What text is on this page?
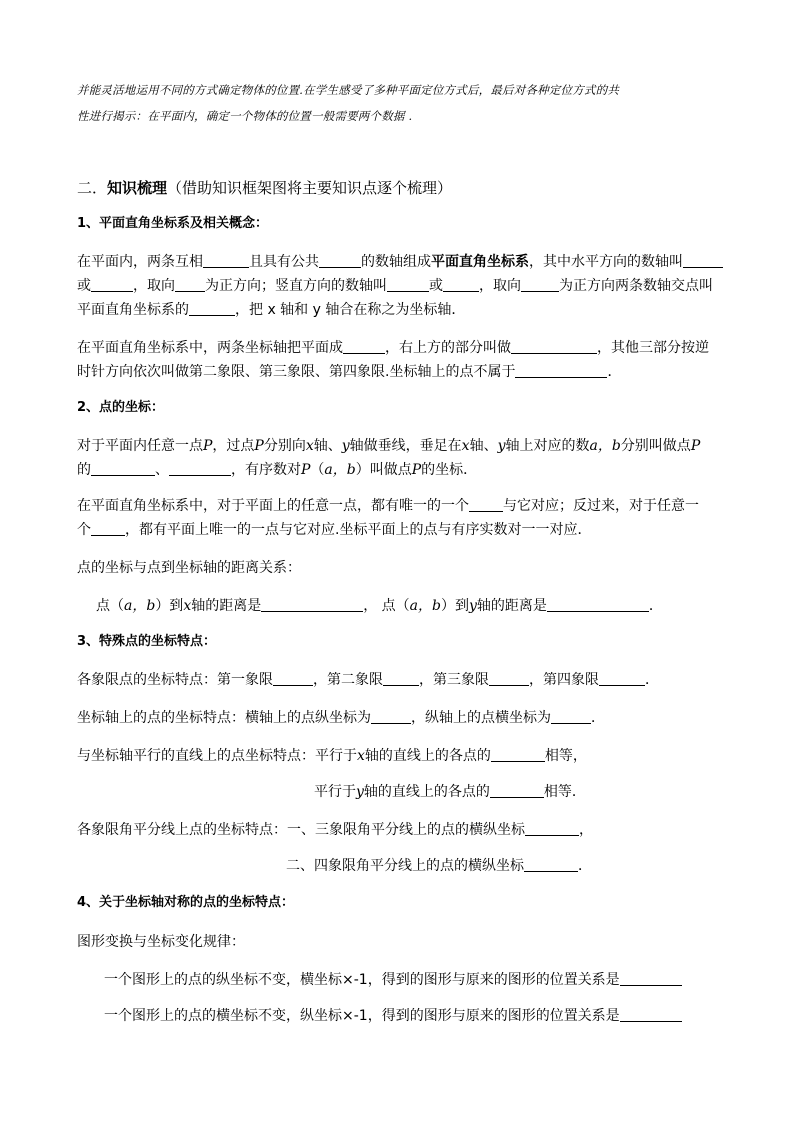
并能灵活地运用不同的方式确定物体的位置.在学生感受了多种平面定位方式后，最后对各种定位方式的共
性进行揭示：在平面内，确定一个物体的位置一般需要两个数据 .
二．知识梳理（借助知识框架图将主要知识点逐个梳理）
1、平面直角坐标系及相关概念：
在平面内，两条互相	且具有公共	的数轴组成平面直角坐标系，其中水平方向的数轴叫
或	，取向 为正方向；竖直方向的数轴叫	或	，取向	为正方向两条数轴交点叫
平面直角坐标系的	，把 x 轴和 y 轴合在称之为坐标轴．
在平面直角坐标系中，两条坐标轴把平面成	，右上方的部分叫做	，其他三部分按逆
时针方向依次叫做第二象限、第三象限、第四象限.坐标轴上的点不属于	．
2、点的坐标：
对于平面内任意一点P，过点P分别向x轴、y轴做垂线，垂足在x轴、y轴上对应的数a，b分别叫做点P
的	、	，有序数对P（a，b）叫做点P的坐标．
在平面直角坐标系中，对于平面上的任意一点，都有唯一的一个 与它对应；反过来，对于任意一
个 ，都有平面上唯一的一点与它对应.坐标平面上的点与有序实数对一一对应．
点的坐标与点到坐标轴的距离关系：
点（a，b）到x轴的距离是	， 点（a，b）到y轴的距离是	．
3、特殊点的坐标特点：
各象限点的坐标特点：第一象限	，第二象限	，第三象限	，第四象限	．
坐标轴上的点的坐标特点：横轴上的点纵坐标为	，纵轴上的点横坐标为	．
与坐标轴平行的直线上的点坐标特点：平行于x轴的直线上的各点的	相等，
平行于y轴的直线上的各点的	相等．
各象限角平分线上点的坐标特点：一、三象限角平分线上的点的横纵坐标	，
二、四象限角平分线上的点的横纵坐标	．
4、关于坐标轴对称的点的坐标特点：
图形变换与坐标变化规律：
一个图形上的点的纵坐标不变，横坐标×-1，得到的图形与原来的图形的位置关系是
一个图形上的点的横坐标不变，纵坐标×-1，得到的图形与原来的图形的位置关系是
